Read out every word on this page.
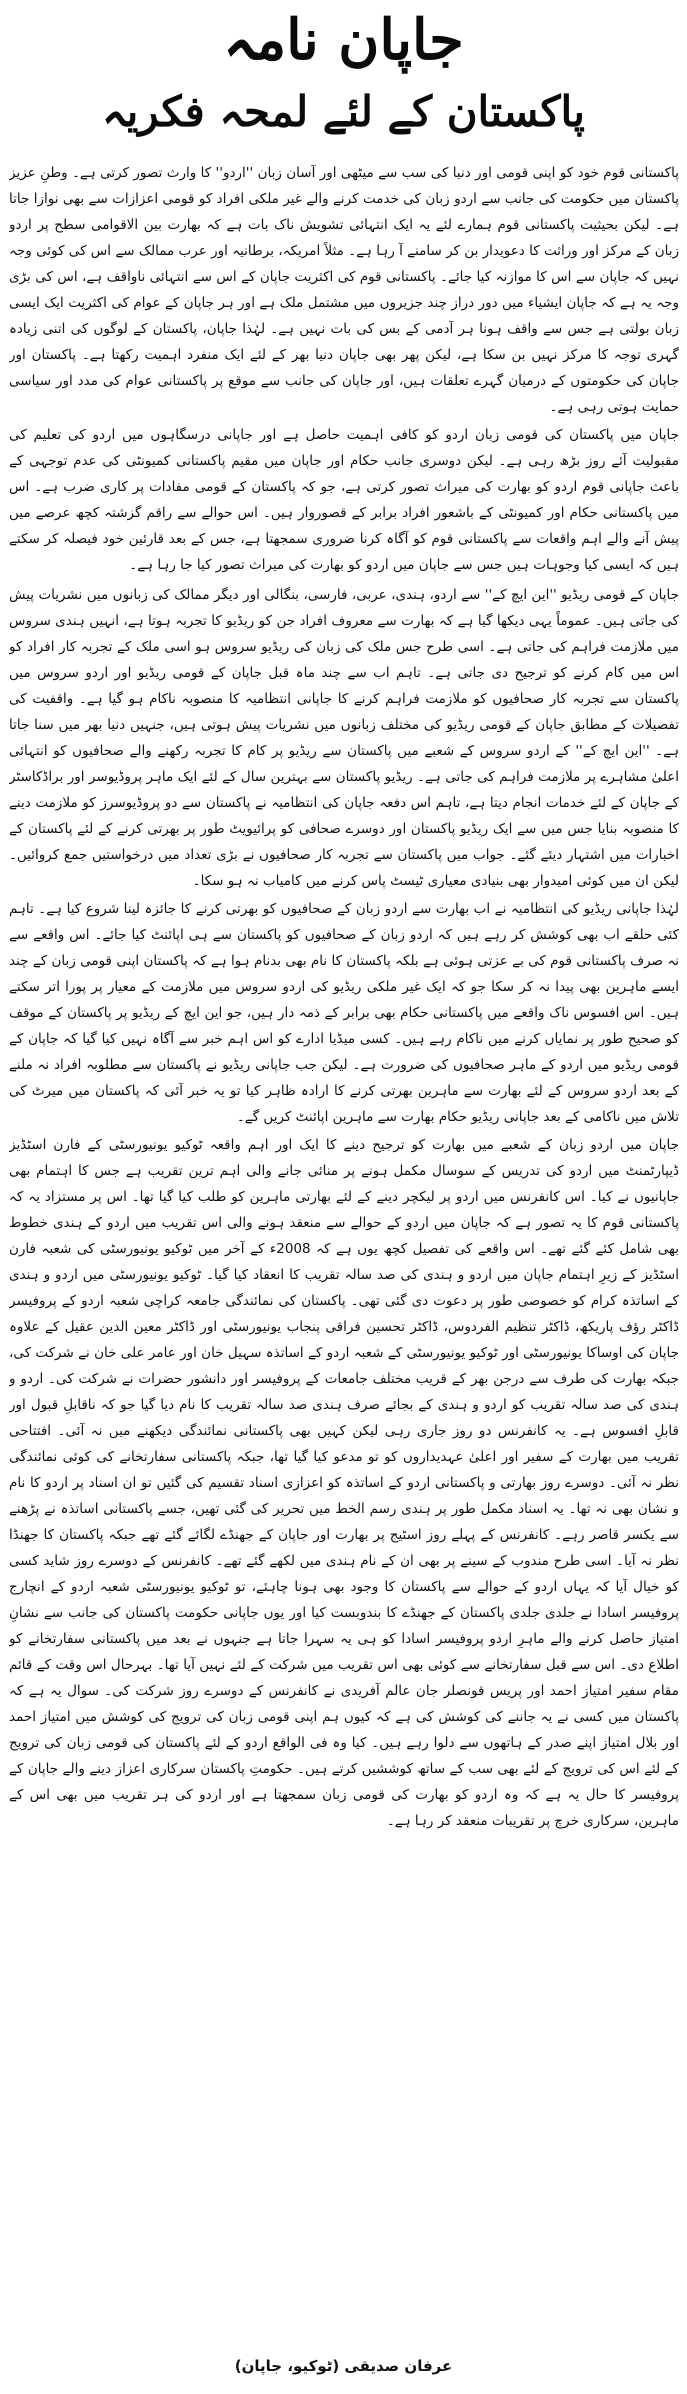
جاپان نامہ
پاکستان کے لئے لمحہ فکریہ

پاکستانی قوم خود کو اپنی قومی اور دنیا کی سب سے میٹھی اور آسان زبان ''اردو'' کا وارث تصور کرتی ہے۔ وطنِ عزیز پاکستان میں حکومت کی جانب سے اردو زبان کی خدمت کرنے والے غیر ملکی افراد کو قومی اعزازات سے بھی نوازا جاتا ہے۔ لیکن بحیثیت پاکستانی قوم ہمارے لئے یہ ایک انتہائی تشویش ناک بات ہے کہ بھارت بین الاقوامی سطح پر اردو زبان کے مرکز اور وراثت کا دعویدار بن کر سامنے آ رہا ہے۔ مثلاً امریکہ، برطانیہ اور عرب ممالک سے اس کی کوئی وجہ نہیں کہ جاپان سے اس کا موازنہ کیا جائے۔ پاکستانی قوم کی اکثریت جاپان کے اس سے انتہائی ناواقف ہے، اس کی بڑی وجہ یہ ہے کہ جاپان ایشیاء میں دور دراز چند جزیروں میں مشتمل ملک ہے اور ہر جاپان کے عوام کی اکثریت ایک ایسی زبان بولتی ہے جس سے واقف ہونا ہر آدمی کے بس کی بات نہیں ہے۔ لہٰذا جاپان، پاکستان کے لوگوں کی اتنی زیادہ گہری توجہ کا مرکز نہیں بن سکا ہے، لیکن پھر بھی جاپان دنیا بھر کے لئے ایک منفرد اہمیت رکھتا ہے۔ پاکستان اور جاپان کی حکومتوں کے درمیان گہرے تعلقات ہیں، اور جاپان کی جانب سے موقع پر پاکستانی عوام کی مدد اور سیاسی حمایت ہوتی رہی ہے۔

جاپان میں پاکستان کی قومی زبان اردو کو کافی اہمیت حاصل ہے اور جاپانی درسگاہوں میں اردو کی تعلیم کی مقبولیت آئے روز بڑھ رہی ہے۔ لیکن دوسری جانب حکام اور جاپان میں مقیم پاکستانی کمیونٹی کی عدم توجہی کے باعث جاپانی قوم اردو کو بھارت کی میراث تصور کرتی ہے، جو کہ پاکستان کے قومی مفادات پر کاری ضرب ہے۔ اس میں پاکستانی حکام اور کمیونٹی کے باشعور افراد برابر کے قصوروار ہیں۔ اس حوالے سے راقم گزشتہ کچھ عرصے میں پیش آنے والے اہم واقعات سے پاکستانی قوم کو آگاہ کرنا ضروری سمجھتا ہے، جس کے بعد قارئین خود فیصلہ کر سکتے ہیں کہ ایسی کیا وجوہات ہیں جس سے جاپان میں اردو کو بھارت کی میراث تصور کیا جا رہا ہے۔

جاپان کے قومی ریڈیو ''این ایچ کے'' سے اردو، ہندی، عربی، فارسی، بنگالی اور دیگر ممالک کی زبانوں میں نشریات پیش کی جاتی ہیں۔ عموماً یہی دیکھا گیا ہے کہ بھارت سے معروف افراد جن کو ریڈیو کا تجربہ ہوتا ہے، انہیں ہندی سروس میں ملازمت فراہم کی جاتی ہے۔ اسی طرح جس ملک کی زبان کی ریڈیو سروس ہو اسی ملک کے تجربہ کار افراد کو اس میں کام کرنے کو ترجیح دی جاتی ہے۔ تاہم اب سے چند ماہ قبل جاپان کے قومی ریڈیو اور اردو سروس میں پاکستان سے تجربہ کار صحافیوں کو ملازمت فراہم کرنے کا جاپانی انتظامیہ کا منصوبہ ناکام ہو گیا ہے۔ واقفیت کی تفصیلات کے مطابق جاپان کے قومی ریڈیو کی مختلف زبانوں میں نشریات پیش ہوتی ہیں، جنہیں دنیا بھر میں سنا جاتا ہے۔ ''این ایچ کے'' کے اردو سروس کے شعبے میں پاکستان سے ریڈیو پر کام کا تجربہ رکھنے والے صحافیوں کو انتہائی اعلیٰ مشاہرے پر ملازمت فراہم کی جاتی ہے۔ ریڈیو پاکستان سے بہترین سال کے لئے ایک ماہر پروڈیوسر اور براڈکاسٹر کے جاپان کے لئے خدمات انجام دیتا ہے، تاہم اس دفعہ جاپان کی انتظامیہ نے پاکستان سے دو پروڈیوسرز کو ملازمت دینے کا منصوبہ بنایا جس میں سے ایک ریڈیو پاکستان اور دوسرے صحافی کو پرائیویٹ طور پر بھرتی کرنے کے لئے پاکستان کے اخبارات میں اشتہار دیئے گئے۔ جواب میں پاکستان سے تجربہ کار صحافیوں نے بڑی تعداد میں درخواستیں جمع کروائیں۔ لیکن ان میں کوئی امیدوار بھی بنیادی معیاری ٹیسٹ پاس کرنے میں کامیاب نہ ہو سکا۔

لہٰذا جاپانی ریڈیو کی انتظامیہ نے اب بھارت سے اردو زبان کے صحافیوں کو بھرتی کرنے کا جائزہ لینا شروع کیا ہے۔ تاہم کئی حلقے اب بھی کوشش کر رہے ہیں کہ اردو زبان کے صحافیوں کو پاکستان سے ہی اپائنٹ کیا جائے۔ اس واقعے سے نہ صرف پاکستانی قوم کی بے عزتی ہوئی ہے بلکہ پاکستان کا نام بھی بدنام ہوا ہے کہ پاکستان اپنی قومی زبان کے چند ایسے ماہرین بھی پیدا نہ کر سکا جو کہ ایک غیر ملکی ریڈیو کی اردو سروس میں ملازمت کے معیار پر پورا اتر سکتے ہیں۔ اس افسوس ناک واقعے میں پاکستانی حکام بھی برابر کے ذمہ دار ہیں، جو این ایچ کے ریڈیو پر پاکستان کے موقف کو صحیح طور پر نمایاں کرنے میں ناکام رہے ہیں۔ کسی میڈیا ادارے کو اس اہم خبر سے آگاہ نہیں کیا گیا کہ جاپان کے قومی ریڈیو میں اردو کے ماہر صحافیوں کی ضرورت ہے۔ لیکن جب جاپانی ریڈیو نے پاکستان سے مطلوبہ افراد نہ ملنے کے بعد اردو سروس کے لئے بھارت سے ماہرین بھرتی کرنے کا ارادہ ظاہر کیا تو یہ خبر آئی کہ پاکستان میں میرٹ کی تلاش میں ناکامی کے بعد جاپانی ریڈیو حکام بھارت سے ماہرین اپائنٹ کریں گے۔

جاپان میں اردو زبان کے شعبے میں بھارت کو ترجیح دینے کا ایک اور اہم واقعہ ٹوکیو یونیورسٹی کے فارن اسٹڈیز ڈیپارٹمنٹ میں اردو کی تدریس کے سوسال مکمل ہونے پر منائی جانے والی اہم ترین تقریب ہے جس کا اہتمام بھی جاپانیوں نے کیا۔ اس کانفرنس میں اردو پر لیکچر دینے کے لئے بھارتی ماہرین کو طلب کیا گیا تھا۔ اس پر مستزاد یہ کہ پاکستانی قوم کا یہ تصور ہے کہ جاپان میں اردو کے حوالے سے منعقد ہونے والی اس تقریب میں اردو کے ہندی خطوط بھی شامل کئے گئے تھے۔ اس واقعے کی تفصیل کچھ یوں ہے کہ 2008ء کے آخر میں ٹوکیو یونیورسٹی کی شعبہ فارن اسٹڈیز کے زیرِ اہتمام جاپان میں اردو و ہندی کی صد سالہ تقریب کا انعقاد کیا گیا۔ ٹوکیو یونیورسٹی میں اردو و ہندی کے اساتذہ کرام کو خصوصی طور پر دعوت دی گئی تھی۔ پاکستان کی نمائندگی جامعہ کراچی شعبہ اردو کے پروفیسر ڈاکٹر رؤف پاریکھ، ڈاکٹر تنظیم الفردوس، ڈاکٹر تحسین فراقی پنجاب یونیورسٹی اور ڈاکٹر معین الدین عقیل کے علاوہ جاپان کی اوساکا یونیورسٹی اور ٹوکیو یونیورسٹی کے شعبہ اردو کے اساتذہ سہیل خان اور عامر علی خان نے شرکت کی، جبکہ بھارت کی طرف سے درجن بھر کے قریب مختلف جامعات کے پروفیسر اور دانشور حضرات نے شرکت کی۔ اردو و ہندی کی صد سالہ تقریب کو اردو و ہندی کے بجائے صرف ہندی صد سالہ تقریب کا نام دیا گیا جو کہ ناقابلِ قبول اور قابلِ افسوس ہے۔ یہ کانفرنس دو روز جاری رہی لیکن کہیں بھی پاکستانی نمائندگی دیکھنے میں نہ آئی۔ افتتاحی تقریب میں بھارت کے سفیر اور اعلیٰ عہدیداروں کو تو مدعو کیا گیا تھا، جبکہ پاکستانی سفارتخانے کی کوئی نمائندگی نظر نہ آئی۔ دوسرے روز بھارتی و پاکستانی اردو کے اساتذہ کو اعزازی اسناد تقسیم کی گئیں تو ان اسناد پر اردو کا نام و نشان بھی نہ تھا۔ یہ اسناد مکمل طور پر ہندی رسم الخط میں تحریر کی گئی تھیں، جسے پاکستانی اساتذہ نے پڑھنے سے یکسر قاصر رہے۔ کانفرنس کے پہلے روز اسٹیج پر بھارت اور جاپان کے جھنڈے لگائے گئے تھے جبکہ پاکستان کا جھنڈا نظر نہ آیا۔ اسی طرح مندوب کے سینے پر بھی ان کے نام ہندی میں لکھے گئے تھے۔ کانفرنس کے دوسرے روز شاید کسی کو خیال آیا کہ یہاں اردو کے حوالے سے پاکستان کا وجود بھی ہونا چاہئے، تو ٹوکیو یونیورسٹی شعبہ اردو کے انچارج پروفیسر اسادا نے جلدی جلدی پاکستان کے جھنڈے کا بندوبست کیا اور یوں جاپانی حکومت پاکستان کی جانب سے نشانِ امتیاز حاصل کرنے والے ماہرِ اردو پروفیسر اسادا کو ہی یہ سہرا جاتا ہے جنہوں نے بعد میں پاکستانی سفارتخانے کو اطلاع دی۔ اس سے قبل سفارتخانے سے کوئی بھی اس تقریب میں شرکت کے لئے نہیں آیا تھا۔ بہرحال اس وقت کے قائم مقام سفیر امتیاز احمد اور پریس قونصلر جان عالم آفریدی نے کانفرنس کے دوسرے روز شرکت کی۔ سوال یہ ہے کہ پاکستان میں کسی نے یہ جاننے کی کوشش کی ہے کہ کیوں ہم اپنی قومی زبان کی ترویج کی کوشش میں امتیاز احمد اور بلال امتیاز اپنے صدر کے ہاتھوں سے دلوا رہے ہیں۔ کیا وہ فی الواقع اردو کے لئے پاکستان کی قومی زبان کی ترویج کے لئے اس کی ترویج کے لئے بھی سب کے ساتھ کوششیں کرتے ہیں۔ حکومتِ پاکستان سرکاری اعزاز دینے والے جاپان کے پروفیسر کا حال یہ ہے کہ وہ اردو کو بھارت کی قومی زبان سمجھتا ہے اور اردو کی ہر تقریب میں بھی اس کے ماہرین، سرکاری خرچ پر تقریبات منعقد کر رہا ہے۔

عرفان صدیقی (ٹوکیو، جاپان)
